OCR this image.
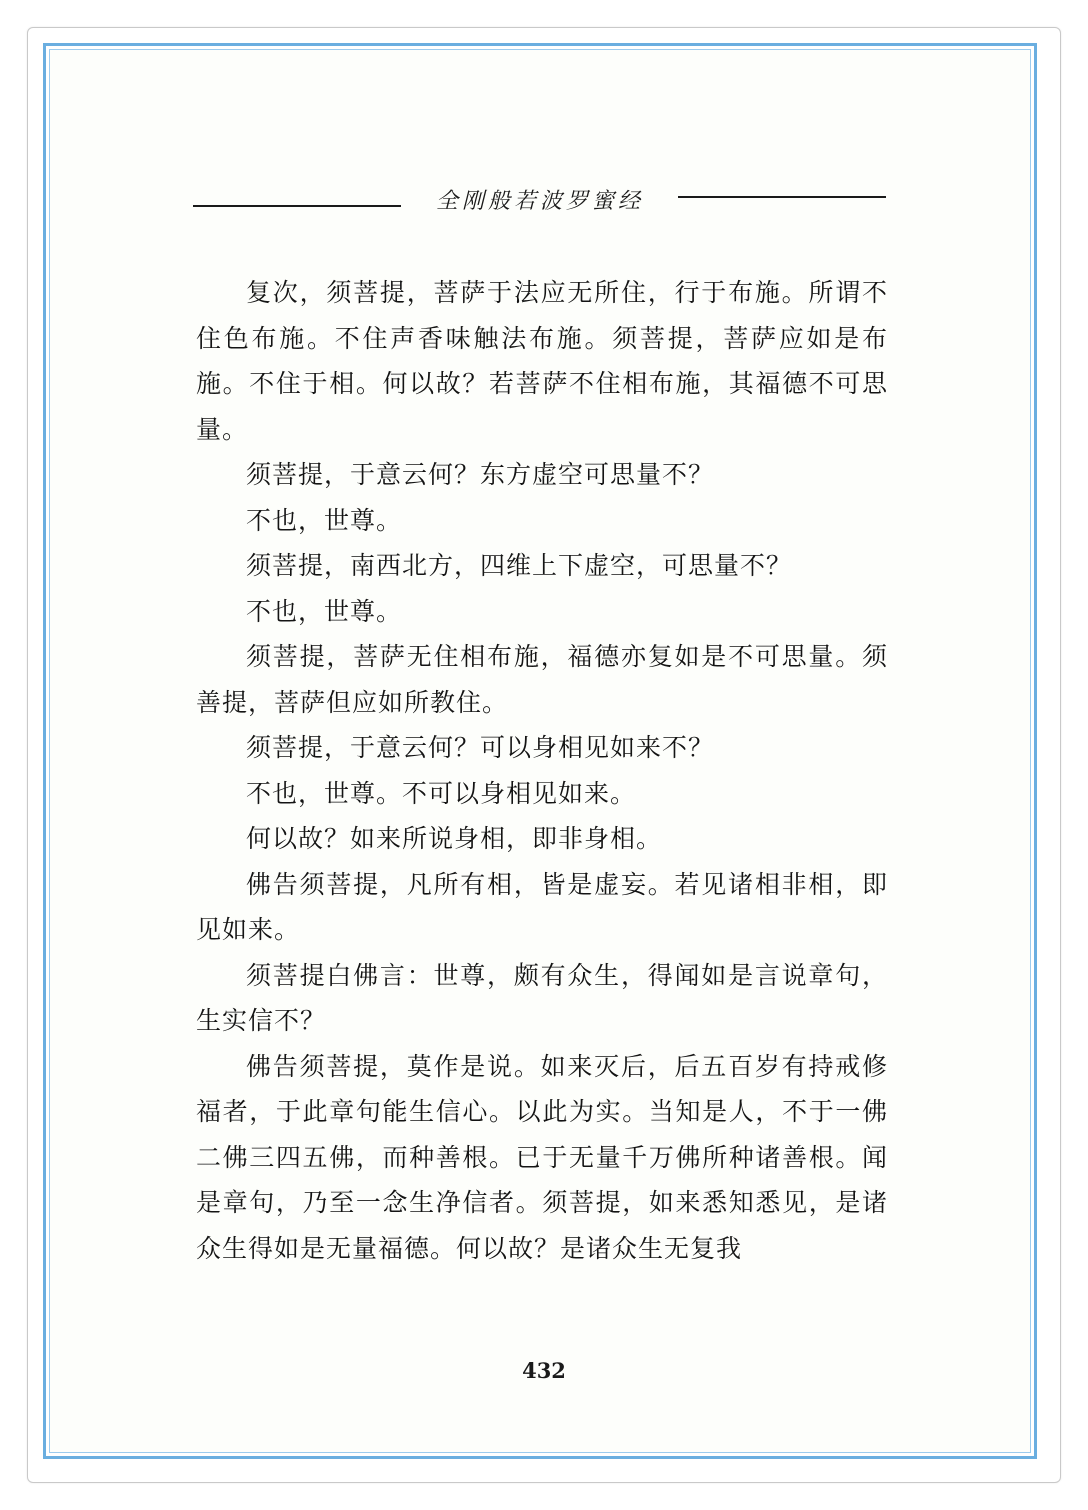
全刚般若波罗蜜经

复次，须菩提，菩萨于法应无所住，行于布施。所谓不住色布施。不住声香味触法布施。须菩提，菩萨应如是布施。不住于相。何以故？若菩萨不住相布施，其福德不可思量。

须菩提，于意云何？东方虚空可思量不？

不也，世尊。

须菩提，南西北方，四维上下虚空，可思量不？

不也，世尊。

须菩提，菩萨无住相布施，福德亦复如是不可思量。须善提，菩萨但应如所教住。

须菩提，于意云何？可以身相见如来不？

不也，世尊。不可以身相见如来。

何以故？如来所说身相，即非身相。

佛告须菩提，凡所有相，皆是虚妄。若见诸相非相，即见如来。

须菩提白佛言：世尊，颇有众生，得闻如是言说章句，生实信不？

佛告须菩提，莫作是说。如来灭后，后五百岁有持戒修福者，于此章句能生信心。以此为实。当知是人，不于一佛二佛三四五佛，而种善根。已于无量千万佛所种诸善根。闻是章句，乃至一念生净信者。须菩提，如来悉知悉见，是诸众生得如是无量福德。何以故？是诸众生无复我

432
